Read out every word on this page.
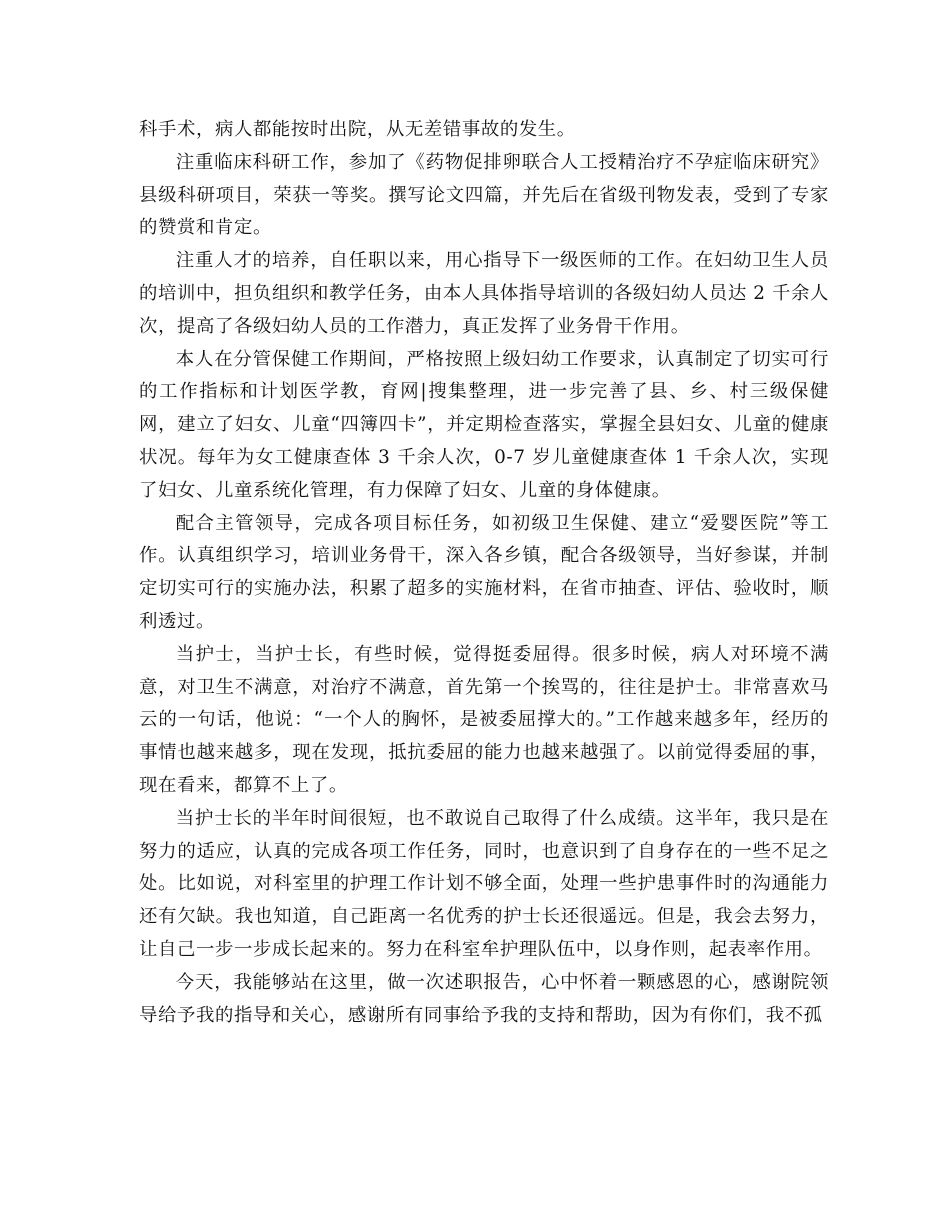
科手术，病人都能按时出院，从无差错事故的发生。

注重临床科研工作，参加了《药物促排卵联合人工授精治疗不孕症临床研究》县级科研项目，荣获一等奖。撰写论文四篇，并先后在省级刊物发表，受到了专家的赞赏和肯定。

注重人才的培养，自任职以来，用心指导下一级医师的工作。在妇幼卫生人员的培训中，担负组织和教学任务，由本人具体指导培训的各级妇幼人员达 2 千余人次，提高了各级妇幼人员的工作潜力，真正发挥了业务骨干作用。

本人在分管保健工作期间，严格按照上级妇幼工作要求，认真制定了切实可行的工作指标和计划医学教，育网|搜集整理，进一步完善了县、乡、村三级保健网，建立了妇女、儿童“四簿四卡”，并定期检查落实，掌握全县妇女、儿童的健康状况。每年为女工健康查体 3 千余人次，0-7 岁儿童健康查体 1 千余人次，实现了妇女、儿童系统化管理，有力保障了妇女、儿童的身体健康。

配合主管领导，完成各项目标任务，如初级卫生保健、建立“爱婴医院”等工作。认真组织学习，培训业务骨干，深入各乡镇，配合各级领导，当好参谋，并制定切实可行的实施办法，积累了超多的实施材料，在省市抽查、评估、验收时，顺利透过。

当护士，当护士长，有些时候，觉得挺委屈得。很多时候，病人对环境不满意，对卫生不满意，对治疗不满意，首先第一个挨骂的，往往是护士。非常喜欢马云的一句话，他说：“一个人的胸怀，是被委屈撑大的。”工作越来越多年，经历的事情也越来越多，现在发现，抵抗委屈的能力也越来越强了。以前觉得委屈的事，现在看来，都算不上了。

当护士长的半年时间很短，也不敢说自己取得了什么成绩。这半年，我只是在努力的适应，认真的完成各项工作任务，同时，也意识到了自身存在的一些不足之处。比如说，对科室里的护理工作计划不够全面，处理一些护患事件时的沟通能力还有欠缺。我也知道，自己距离一名优秀的护士长还很遥远。但是，我会去努力，让自己一步一步成长起来的。努力在科室牟护理队伍中，以身作则，起表率作用。

今天，我能够站在这里，做一次述职报告，心中怀着一颗感恩的心，感谢院领导给予我的指导和关心，感谢所有同事给予我的支持和帮助，因为有你们，我不孤
